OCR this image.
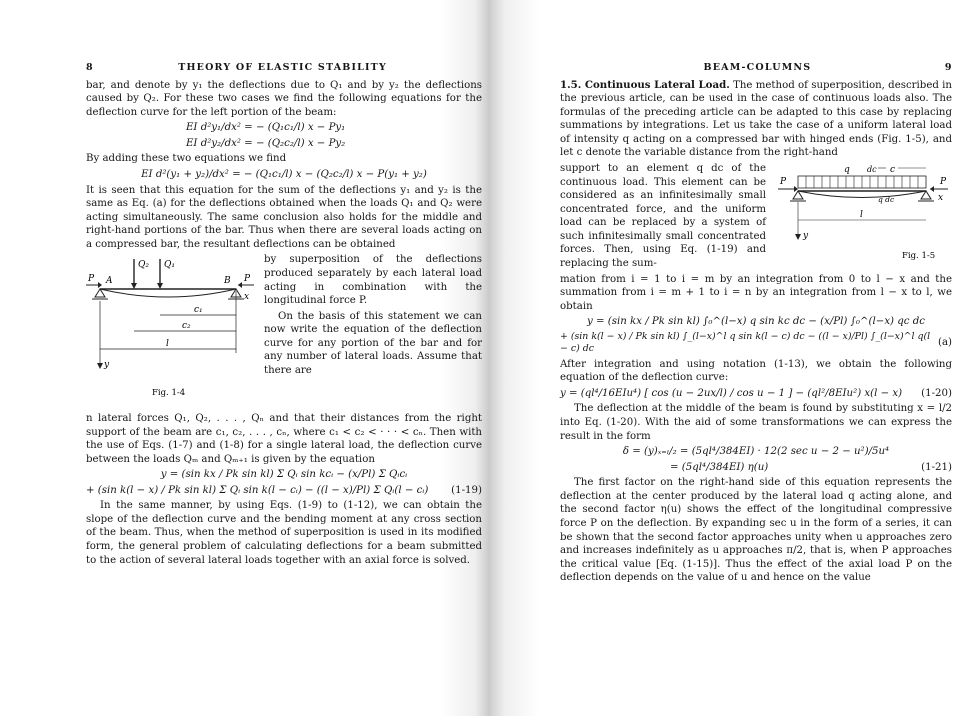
8	THEORY OF ELASTIC STABILITY

bar, and denote by y₁ the deflections due to Q₁ and by y₂ the deflections caused by Q₂. For these two cases we find the following equations for the deflection curve for the left portion of the beam:

EI d²y₁/dx² = − (Q₁c₁/l) x − Py₁
EI d²y₂/dx² = − (Q₂c₂/l) x − Py₂

By adding these two equations we find

EI d²(y₁ + y₂)/dx² = − (Q₁c₁/l) x − (Q₂c₂/l) x − P(y₁ + y₂)

It is seen that this equation for the sum of the deflections y₁ and y₂ is the same as Eq. (a) for the deflections obtained when the loads Q₁ and Q₂ were acting simultaneously. The same conclusion also holds for the middle and right-hand portions of the bar. Thus when there are several loads acting on a compressed bar, the resultant deflections can be obtained

P A
Q₂ Q₁
B P
x
c₁
c₂
l
y
Fig. 1-4

by superposition of the deflections produced separately by each lateral load acting in combination with the longitudinal force P.

On the basis of this statement we can now write the equation of the deflection curve for any portion of the bar and for any number of lateral loads. Assume that there are

n lateral forces Q₁, Q₂, . . . , Qₙ and that their distances from the right support of the beam are c₁, c₂, . . . , cₙ, where c₁ < c₂ < · · · < cₙ. Then with the use of Eqs. (1-7) and (1-8) for a single lateral load, the deflection curve between the loads Qₘ and Qₘ₊₁ is given by the equation

y = (sin kx / Pk sin kl) Σ Qᵢ sin kcᵢ − (x/Pl) Σ Qᵢcᵢ
+ (sin k(l − x) / Pk sin kl) Σ Qᵢ sin k(l − cᵢ) − ((l − x)/Pl) Σ Qᵢ(l − cᵢ) (1-19)

In the same manner, by using Eqs. (1-9) to (1-12), we can obtain the slope of the deflection curve and the bending moment at any cross section of the beam. Thus, when the method of superposition is used in its modified form, the general problem of calculating deflections for a beam submitted to the action of several lateral loads together with an axial force is solved.

BEAM-COLUMNS	9

1.5. Continuous Lateral Load. The method of superposition, described in the previous article, can be used in the case of continuous loads also. The formulas of the preceding article can be adapted to this case by replacing summations by integrations. Let us take the case of a uniform lateral load of intensity q acting on a compressed bar with hinged ends (Fig. 1-5), and let c denote the variable distance from the right-hand

q dc c
P	P
q dc	x
l
y
Fig. 1-5

support to an element q dc of the continuous load. This element can be considered as an infinitesimally small concentrated force, and the uniform load can be replaced by a system of such infinitesimally small concentrated forces. Then, using Eq. (1-19) and replacing the sum-

mation from i = 1 to i = m by an integration from 0 to l − x and the summation from i = m + 1 to i = n by an integration from l − x to l, we obtain

y = (sin kx / Pk sin kl) ∫₀^(l−x) q sin kc dc − (x/Pl) ∫₀^(l−x) qc dc
+ (sin k(l − x) / Pk sin kl) ∫_(l−x)^l q sin k(l − c) dc − ((l − x)/Pl) ∫_(l−x)^l q(l − c) dc
(a)

After integration and using notation (1-13), we obtain the following equation of the deflection curve:

y = (ql⁴/16EIu⁴) [ cos (u − 2ux/l) / cos u − 1 ] − (ql²/8EIu²) x(l − x) (1-20)

The deflection at the middle of the beam is found by substituting x = l/2 into Eq. (1-20). With the aid of some transformations we can express the result in the form

δ = (y)ₓ₌ₗ/₂ = (5ql⁴/384EI) · 12(2 sec u − 2 − u²)/5u⁴
= (5ql⁴/384EI) η(u)	(1-21)

The first factor on the right-hand side of this equation represents the deflection at the center produced by the lateral load q acting alone, and the second factor η(u) shows the effect of the longitudinal compressive force P on the deflection. By expanding sec u in the form of a series, it can be shown that the second factor approaches unity when u approaches zero and increases indefinitely as u approaches π/2, that is, when P approaches the critical value [Eq. (1-15)]. Thus the effect of the axial load P on the deflection depends on the value of u and hence on the value
